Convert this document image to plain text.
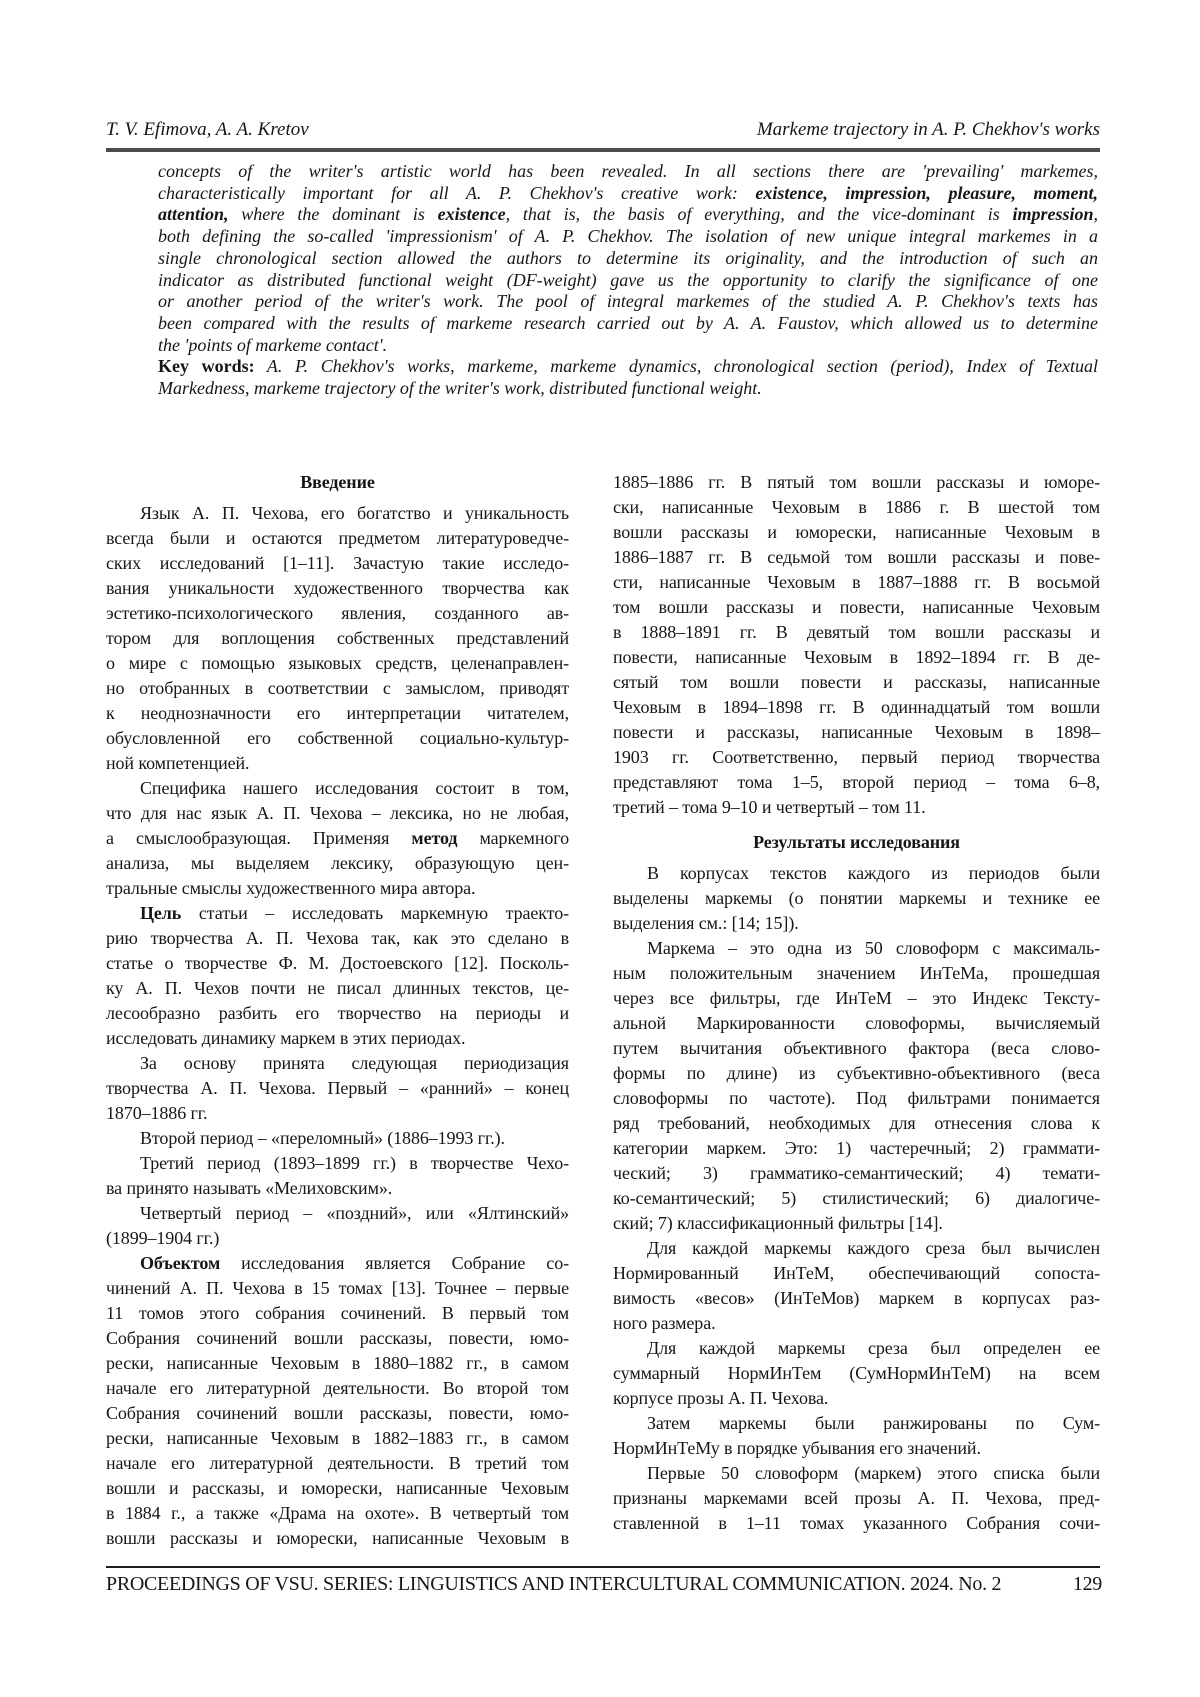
T. V. Efimova, A. A. Kretov	Markeme trajectory in A. P. Chekhov's works
concepts of the writer's artistic world has been revealed. In all sections there are 'prevailing' markemes,
characteristically important for all A. P. Chekhov's creative work: existence, impression, pleasure, moment,
attention, where the dominant is existence, that is, the basis of everything, and the vice-dominant is impression,
both defining the so-called 'impressionism' of A. P. Chekhov. The isolation of new unique integral markemes in a
single chronological section allowed the authors to determine its originality, and the introduction of such an
indicator as distributed functional weight (DF-weight) gave us the opportunity to clarify the significance of one
or another period of the writer's work. The pool of integral markemes of the studied A. P. Chekhov's texts has
been compared with the results of markeme research carried out by A. A. Faustov, which allowed us to determine
the 'points of markeme contact'.
Key words: A. P. Chekhov's works, markeme, markeme dynamics, chronological section (period), Index of Textual
Markedness, markeme trajectory of the writer's work, distributed functional weight.
Введение
Язык А. П. Чехова, его богатство и уникальность
всегда были и остаются предметом литературоведче-
ских исследований [1–11]. Зачастую такие исследо-
вания уникальности художественного творчества как
эстетико-психологического явления, созданного ав-
тором для воплощения собственных представлений
о мире с помощью языковых средств, целенаправлен-
но отобранных в соответствии с замыслом, приводят
к неоднозначности его интерпретации читателем,
обусловленной его собственной социально-культур-
ной компетенцией.
Специфика нашего исследования состоит в том,
что для нас язык А. П. Чехова – лексика, но не любая,
а смыслообразующая. Применяя метод маркемного
анализа, мы выделяем лексику, образующую цен-
тральные смыслы художественного мира автора.
Цель статьи – исследовать маркемную траекто-
рию творчества А. П. Чехова так, как это сделано в
статье о творчестве Ф. М. Достоевского [12]. Посколь-
ку А. П. Чехов почти не писал длинных текстов, це-
лесообразно разбить его творчество на периоды и
исследовать динамику маркем в этих периодах.
За основу принята следующая периодизация
творчества А. П. Чехова. Первый – «ранний» – конец
1870–1886 гг.
Второй период – «переломный» (1886–1993 гг.).
Третий период (1893–1899 гг.) в творчестве Чехо-
ва принято называть «Мелиховским».
Четвертый период – «поздний», или «Ялтинский»
(1899–1904 гг.)
Объектом исследования является Собрание со-
чинений А. П. Чехова в 15 томах [13]. Точнее – первые
11 томов этого собрания сочинений. В первый том
Собрания сочинений вошли рассказы, повести, юмо-
рески, написанные Чеховым в 1880–1882 гг., в самом
начале его литературной деятельности. Во второй том
Собрания сочинений вошли рассказы, повести, юмо-
рески, написанные Чеховым в 1882–1883 гг., в самом
начале его литературной деятельности. В третий том
вошли и рассказы, и юморески, написанные Чеховым
в 1884 г., а также «Драма на охоте». В четвертый том
вошли рассказы и юморески, написанные Чеховым в
1885–1886 гг. В пятый том вошли рассказы и юморе-
ски, написанные Чеховым в 1886 г. В шестой том
вошли рассказы и юморески, написанные Чеховым в
1886–1887 гг. В седьмой том вошли рассказы и пове-
сти, написанные Чеховым в 1887–1888 гг. В восьмой
том вошли рассказы и повести, написанные Чеховым
в 1888–1891 гг. В девятый том вошли рассказы и
повести, написанные Чеховым в 1892–1894 гг. В де-
сятый том вошли повести и рассказы, написанные
Чеховым в 1894–1898 гг. В одиннадцатый том вошли
повести и рассказы, написанные Чеховым в 1898–
1903 гг. Соответственно, первый период творчества
представляют тома 1–5, второй период – тома 6–8,
третий – тома 9–10 и четвертый – том 11.
Результаты исследования
В корпусах текстов каждого из периодов были
выделены маркемы (о понятии маркемы и технике ее
выделения см.: [14; 15]).
Маркема – это одна из 50 словоформ с максималь-
ным положительным значением ИнТеМа, прошедшая
через все фильтры, где ИнТеМ – это Индекс Тексту-
альной Маркированности словоформы, вычисляемый
путем вычитания объективного фактора (веса слово-
формы по длине) из субъективно-объективного (веса
словоформы по частоте). Под фильтрами понимается
ряд требований, необходимых для отнесения слова к
категории маркем. Это: 1) частеречный; 2) граммати-
ческий; 3) грамматико-семантический; 4) темати-
ко-семантический; 5) стилистический; 6) диалогиче-
ский; 7) классификационный фильтры [14].
Для каждой маркемы каждого среза был вычислен
Нормированный ИнТеМ, обеспечивающий сопоста-
вимость «весов» (ИнТеМов) маркем в корпусах раз-
ного размера.
Для каждой маркемы среза был определен ее
суммарный НормИнТем (СумНормИнТеМ) на всем
корпусе прозы А. П. Чехова.
Затем маркемы были ранжированы по Сум-
НормИнТеМу в порядке убывания его значений.
Первые 50 словоформ (маркем) этого списка были
признаны маркемами всей прозы А. П. Чехова, пред-
ставленной в 1–11 томах указанного Собрания сочи-
PROCEEDINGS OF VSU. SERIES: LINGUISTICS AND INTERCULTURAL COMMUNICATION. 2024. No. 2	129
